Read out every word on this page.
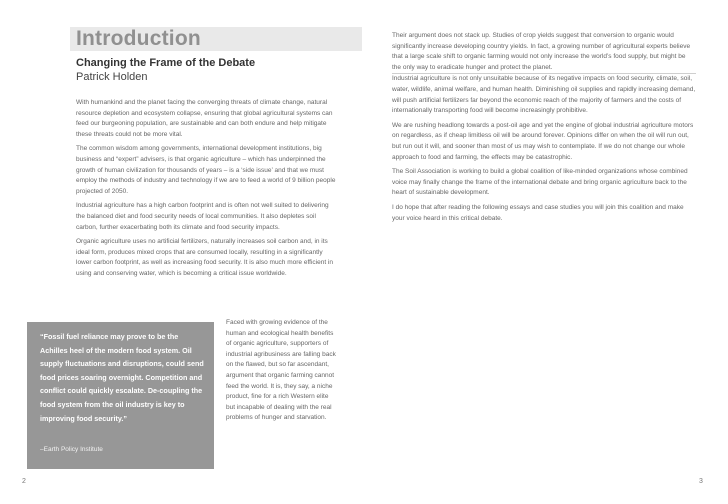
Introduction
Changing the Frame of the Debate
Patrick Holden

With humankind and the planet facing the converging threats of climate change, natural resource depletion and ecosystem collapse, ensuring that global agricultural systems can feed our burgeoning population, are sustainable and can both endure and help mitigate these threats could not be more vital.

The common wisdom among governments, international development institutions, big business and “expert” advisers, is that organic agriculture – which has underpinned the growth of human civilization for thousands of years – is a ‘side issue’ and that we must employ the methods of industry and technology if we are to feed a world of 9 billion people projected of 2050.

Industrial agriculture has a high carbon footprint and is often not well suited to delivering the balanced diet and food security needs of local communities. It also depletes soil carbon, further exacerbating both its climate and food security impacts.

Organic agriculture uses no artificial fertilizers, naturally increases soil carbon and, in its ideal form, produces mixed crops that are consumed locally, resulting in a significantly lower carbon footprint, as well as increasing food security. It is also much more efficient in using and conserving water, which is becoming a critical issue worldwide.

Faced with growing evidence of the human and ecological health benefits of organic agriculture, supporters of industrial agribusiness are falling back on the flawed, but so far ascendant, argument that organic farming cannot feed the world. It is, they say, a niche product, fine for a rich Western elite but incapable of dealing with the real problems of hunger and starvation.

“Fossil fuel reliance may prove to be the Achilles heel of the modern food system. Oil supply fluctuations and disruptions, could send food prices soaring overnight. Competition and conflict could quickly escalate. De-coupling the food system from the oil industry is key to improving food security.”

–Earth Policy Institute
2

Their argument does not stack up. Studies of crop yields suggest that conversion to organic would significantly increase developing country yields. In fact, a growing number of agricultural experts believe that a large scale shift to organic farming would not only increase the world’s food supply, but might be the only way to eradicate hunger and protect the planet.

Industrial agriculture is not only unsuitable because of its negative impacts on food security, climate, soil, water, wildlife, animal welfare, and human health. Diminishing oil supplies and rapidly increasing demand, will push artificial fertilizers far beyond the economic reach of the majority of farmers and the costs of internationally transporting food will become increasingly prohibitive.

We are rushing headlong towards a post-oil age and yet the engine of global industrial agriculture motors on regardless, as if cheap limitless oil will be around forever. Opinions differ on when the oil will run out, but run out it will, and sooner than most of us may wish to contemplate. If we do not change our whole approach to food and farming, the effects may be catastrophic.

The Soil Association is working to build a global coalition of like-minded organizations whose combined voice may finally change the frame of the international debate and bring organic agriculture back to the heart of sustainable development.

I do hope that after reading the following essays and case studies you will join this coalition and make your voice heard in this critical debate.

3
